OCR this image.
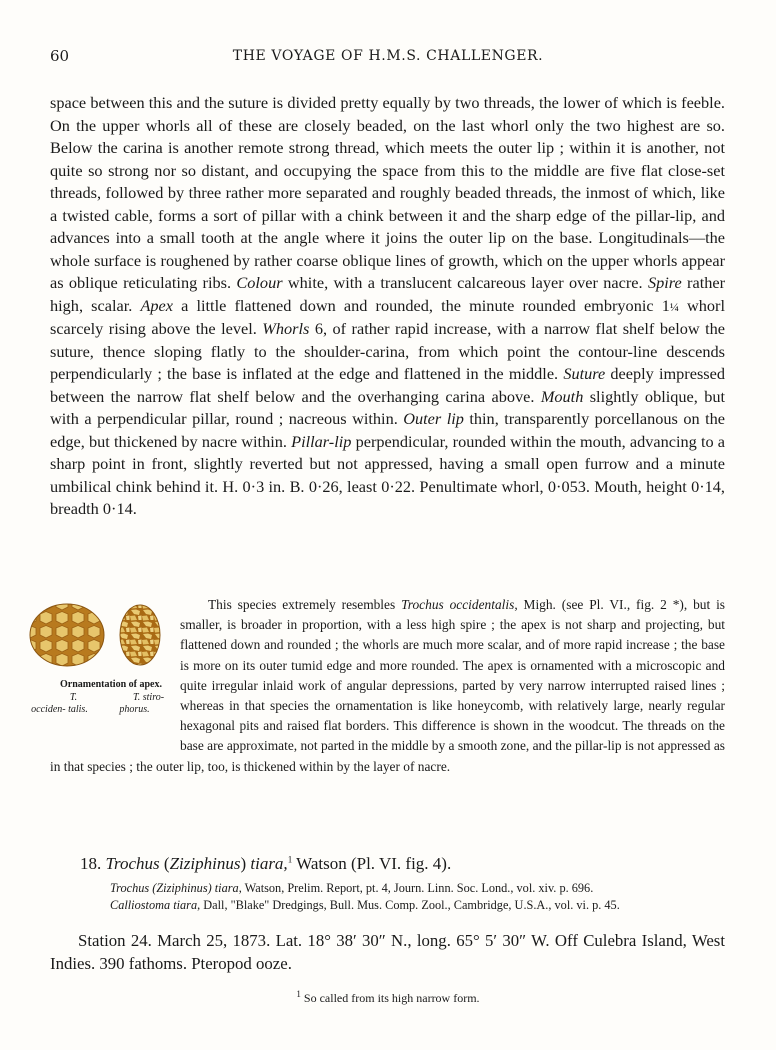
60	THE VOYAGE OF H.M.S. CHALLENGER.

space between this and the suture is divided pretty equally by two threads, the lower of which is feeble. On the upper whorls all of these are closely beaded, on the last whorl only the two highest are so. Below the carina is another remote strong thread, which meets the outer lip ; within it is another, not quite so strong nor so distant, and occupying the space from this to the middle are five flat close-set threads, followed by three rather more separated and roughly beaded threads, the inmost of which, like a twisted cable, forms a sort of pillar with a chink between it and the sharp edge of the pillar-lip, and advances into a small tooth at the angle where it joins the outer lip on the base. Longitudinals—the whole surface is roughened by rather coarse oblique lines of growth, which on the upper whorls appear as oblique reticulating ribs. Colour white, with a translucent calcareous layer over nacre. Spire rather high, scalar. Apex a little flattened down and rounded, the minute rounded embryonic 1¼ whorl scarcely rising above the level. Whorls 6, of rather rapid increase, with a narrow flat shelf below the suture, thence sloping flatly to the shoulder-carina, from which point the contour-line descends perpendicularly ; the base is inflated at the edge and flattened in the middle. Suture deeply impressed between the narrow flat shelf below and the overhanging carina above. Mouth slightly oblique, but with a perpendicular pillar, round ; nacreous within. Outer lip thin, transparently porcellanous on the edge, but thickened by nacre within. Pillar-lip perpendicular, rounded within the mouth, advancing to a sharp point in front, slightly reverted but not appressed, having a small open furrow and a minute umbilical chink behind it. H. 0·3 in. B. 0·26, least 0·22. Penultimate whorl, 0·053. Mouth, height 0·14, breadth 0·14.

This species extremely resembles Trochus occidentalis
Ornamentation of apex.
T. occiden- talis.
T. stiro- phorus.
, Migh. (see Pl. VI., fig. 2 *), but is smaller, is broader in proportion, with a less high spire ; the apex is not sharp and projecting, but flattened down and rounded ; the whorls are much more scalar, and of more rapid increase ; the base is more on its outer tumid edge and more rounded. The apex is ornamented with a microscopic and quite irregular inlaid work of angular depressions, parted by very narrow interrupted raised lines ; whereas in that species the ornamentation is like honeycomb, with relatively large, nearly regular hexagonal pits and raised flat borders. This difference is shown in the woodcut. The threads on the base are approximate, not parted in the middle by a smooth zone, and the pillar-lip is not appressed as in that species ; the outer lip, too, is thickened within by the layer of nacre.

18. Trochus (Ziziphinus) tiara,$^1$ Watson (Pl. VI. fig. 4).

Trochus (Ziziphinus) tiara, Watson, Prelim. Report, pt. 4, Journ. Linn. Soc. Lond., vol. xiv. p. 696.
Calliostoma tiara, Dall, "Blake" Dredgings, Bull. Mus. Comp. Zool., Cambridge, U.S.A., vol. vi. p. 45.

Station 24. March 25, 1873. Lat. 18° 38′ 30″ N., long. 65° 5′ 30″ W. Off Culebra Island, West Indies. 390 fathoms. Pteropod ooze.

$^1$ So called from its high narrow form.
